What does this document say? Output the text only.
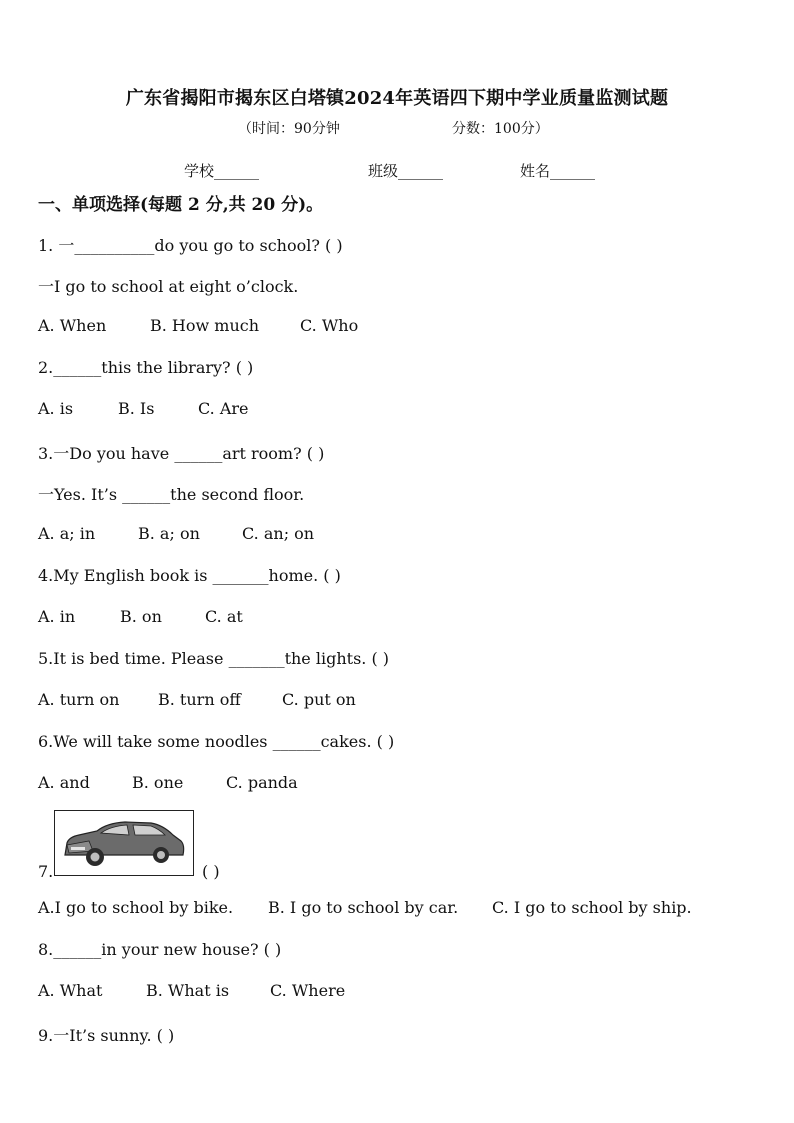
广东省揭阳市揭东区白塔镇2024年英语四下期中学业质量监测试题
（时间：90分钟	分数：100分）
学校______	班级______	姓名______
一、单项选择(每题 2 分,共 20 分)。
1. 一__________do you go to school? ( )
一I go to school at eight o’clock.
A. When	B. How much	C. Who
2.______this the library? ( )
A. is	B. Is	C. Are
3.一Do you have ______art room? ( )
一Yes. It’s ______the second floor.
A. a; in	B. a; on	C. an; on
4.My English book is _______home. ( )
A. in	B. on	C. at
5.It is bed time. Please _______the lights. ( )
A. turn on B. turn off	C. put on
6.We will take some noodles ______cakes. ( )
A. and	B. one	C. panda
7.	( )
A.I go to school by bike. B. I go to school by car. C. I go to school by ship.
8.______in your new house? ( )
A. What	B. What is	C. Where
9.一It’s sunny. ( )
